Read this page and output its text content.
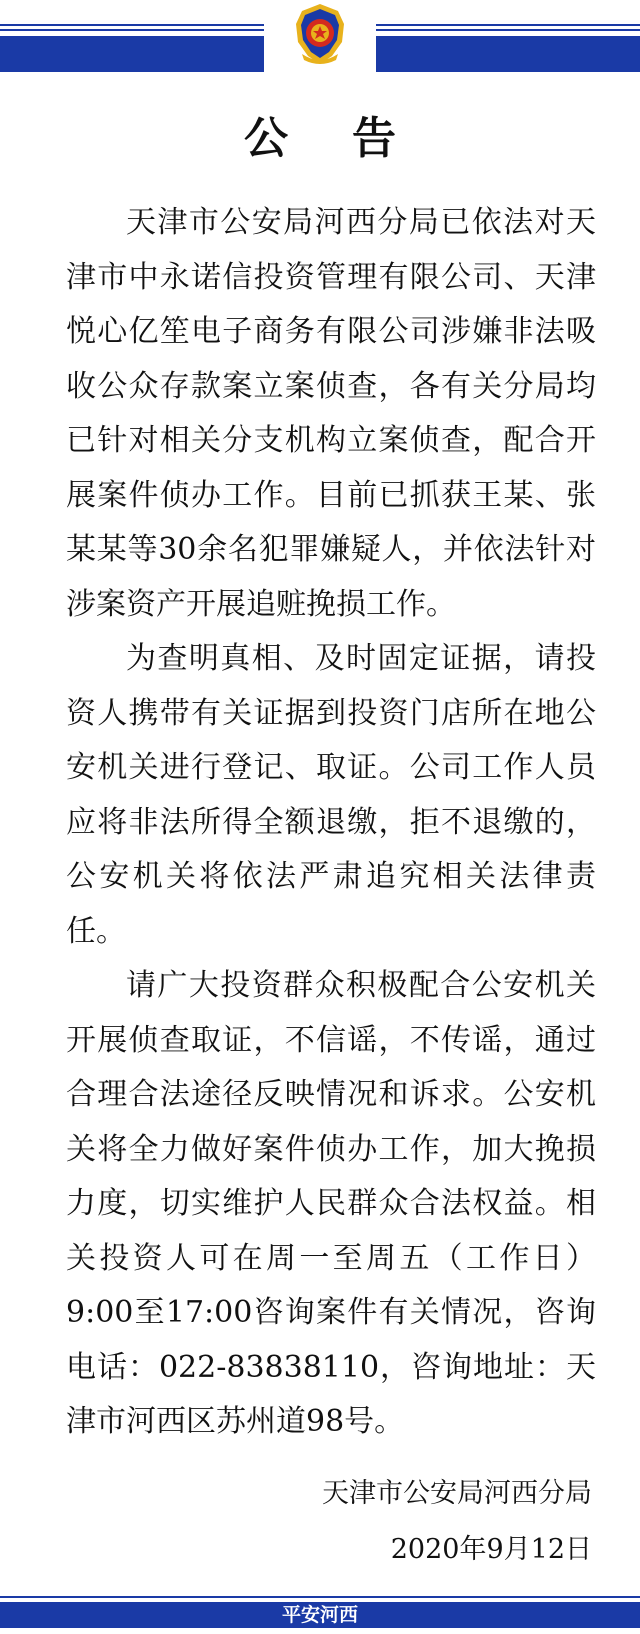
公告

天津市公安局河西分局已依法对天津市中永诺信投资管理有限公司、天津悦心亿笙电子商务有限公司涉嫌非法吸收公众存款案立案侦查，各有关分局均已针对相关分支机构立案侦查，配合开展案件侦办工作。目前已抓获王某、张某某等30余名犯罪嫌疑人，并依法针对涉案资产开展追赃挽损工作。

为查明真相、及时固定证据，请投资人携带有关证据到投资门店所在地公安机关进行登记、取证。公司工作人员应将非法所得全额退缴，拒不退缴的，公安机关将依法严肃追究相关法律责任。

请广大投资群众积极配合公安机关开展侦查取证，不信谣，不传谣，通过合理合法途径反映情况和诉求。公安机关将全力做好案件侦办工作，加大挽损力度，切实维护人民群众合法权益。相关投资人可在周一至周五（工作日）9:00至17:00咨询案件有关情况，咨询电话：022-83838110，咨询地址：天津市河西区苏州道98号。

天津市公安局河西分局
2020年9月12日
平安河西
